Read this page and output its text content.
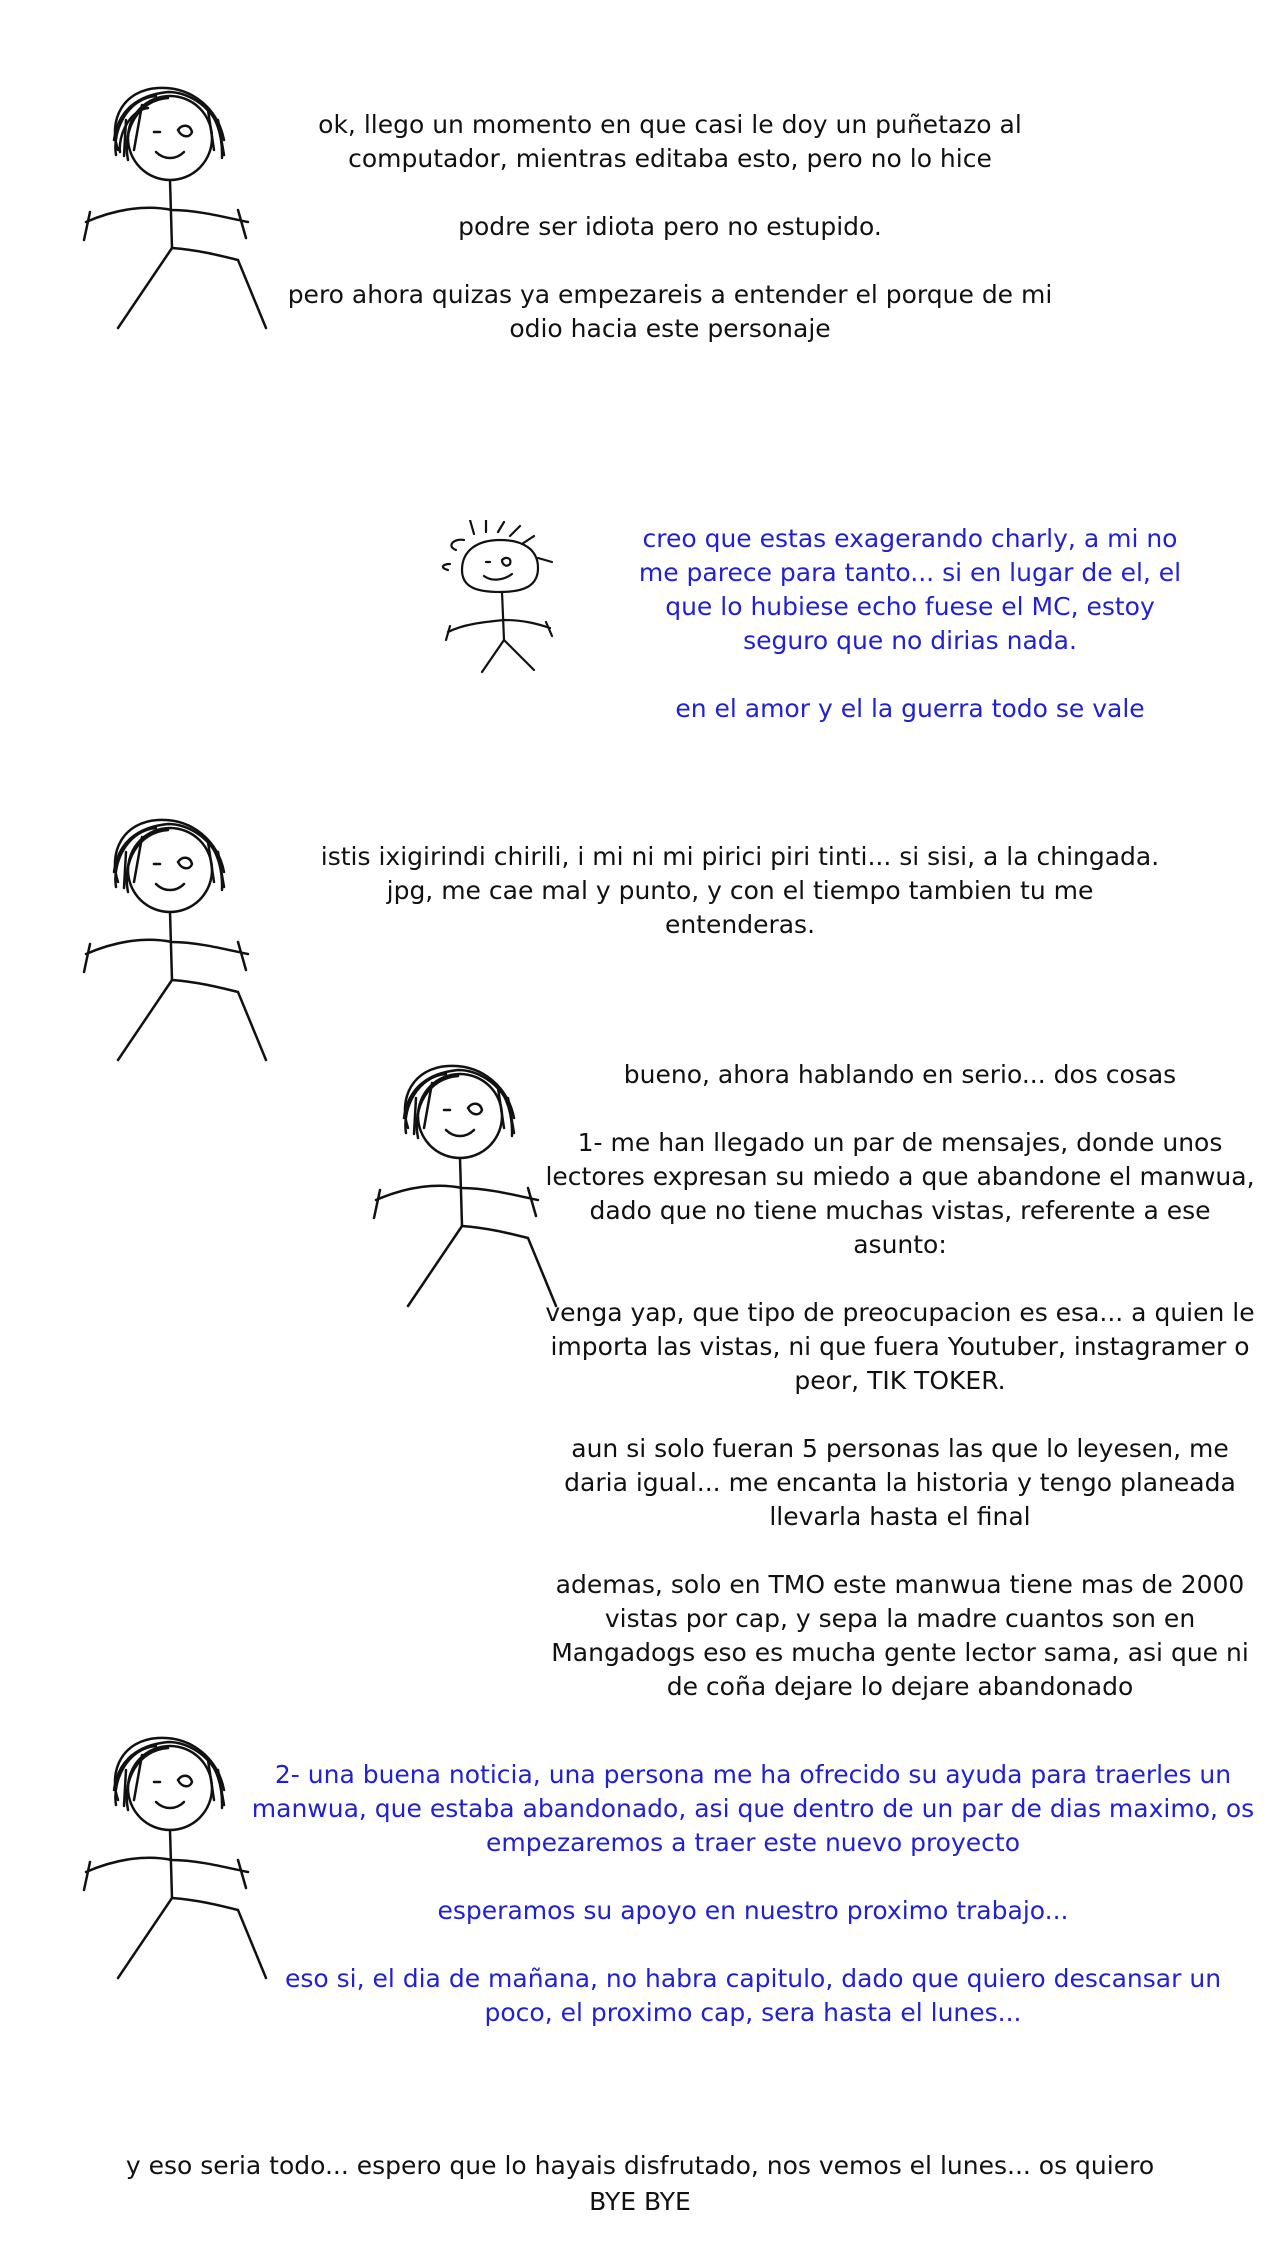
ok, llego un momento en que casi le doy un puñetazo al computador, mientras editaba esto, pero no lo hice

podre ser idiota pero no estupido.

pero ahora quizas ya empezareis a entender el porque de mi odio hacia este personaje

creo que estas exagerando charly, a mi no me parece para tanto... si en lugar de el, el que lo hubiese echo fuese el MC, estoy seguro que no dirias nada.

en el amor y el la guerra todo se vale

istis ixigirindi chirili, i mi ni mi pirici piri tinti... si sisi, a la chingada. jpg, me cae mal y punto, y con el tiempo tambien tu me entenderas.

bueno, ahora hablando en serio... dos cosas

1- me han llegado un par de mensajes, donde unos lectores expresan su miedo a que abandone el manwua, dado que no tiene muchas vistas, referente a ese asunto:

venga yap, que tipo de preocupacion es esa... a quien le importa las vistas, ni que fuera Youtuber, instagramer o peor, TIK TOKER.

aun si solo fueran 5 personas las que lo leyesen, me daria igual... me encanta la historia y tengo planeada llevarla hasta el final

ademas, solo en TMO este manwua tiene mas de 2000 vistas por cap, y sepa la madre cuantos son en Mangadogs eso es mucha gente lector sama, asi que ni de coña dejare lo dejare abandonado

2- una buena noticia, una persona me ha ofrecido su ayuda para traerles un manwua, que estaba abandonado, asi que dentro de un par de dias maximo, os empezaremos a traer este nuevo proyecto

esperamos su apoyo en nuestro proximo trabajo...

eso si, el dia de mañana, no habra capitulo, dado que quiero descansar un poco, el proximo cap, sera hasta el lunes...

y eso seria todo... espero que lo hayais disfrutado, nos vemos el lunes... os quiero

BYE BYE
